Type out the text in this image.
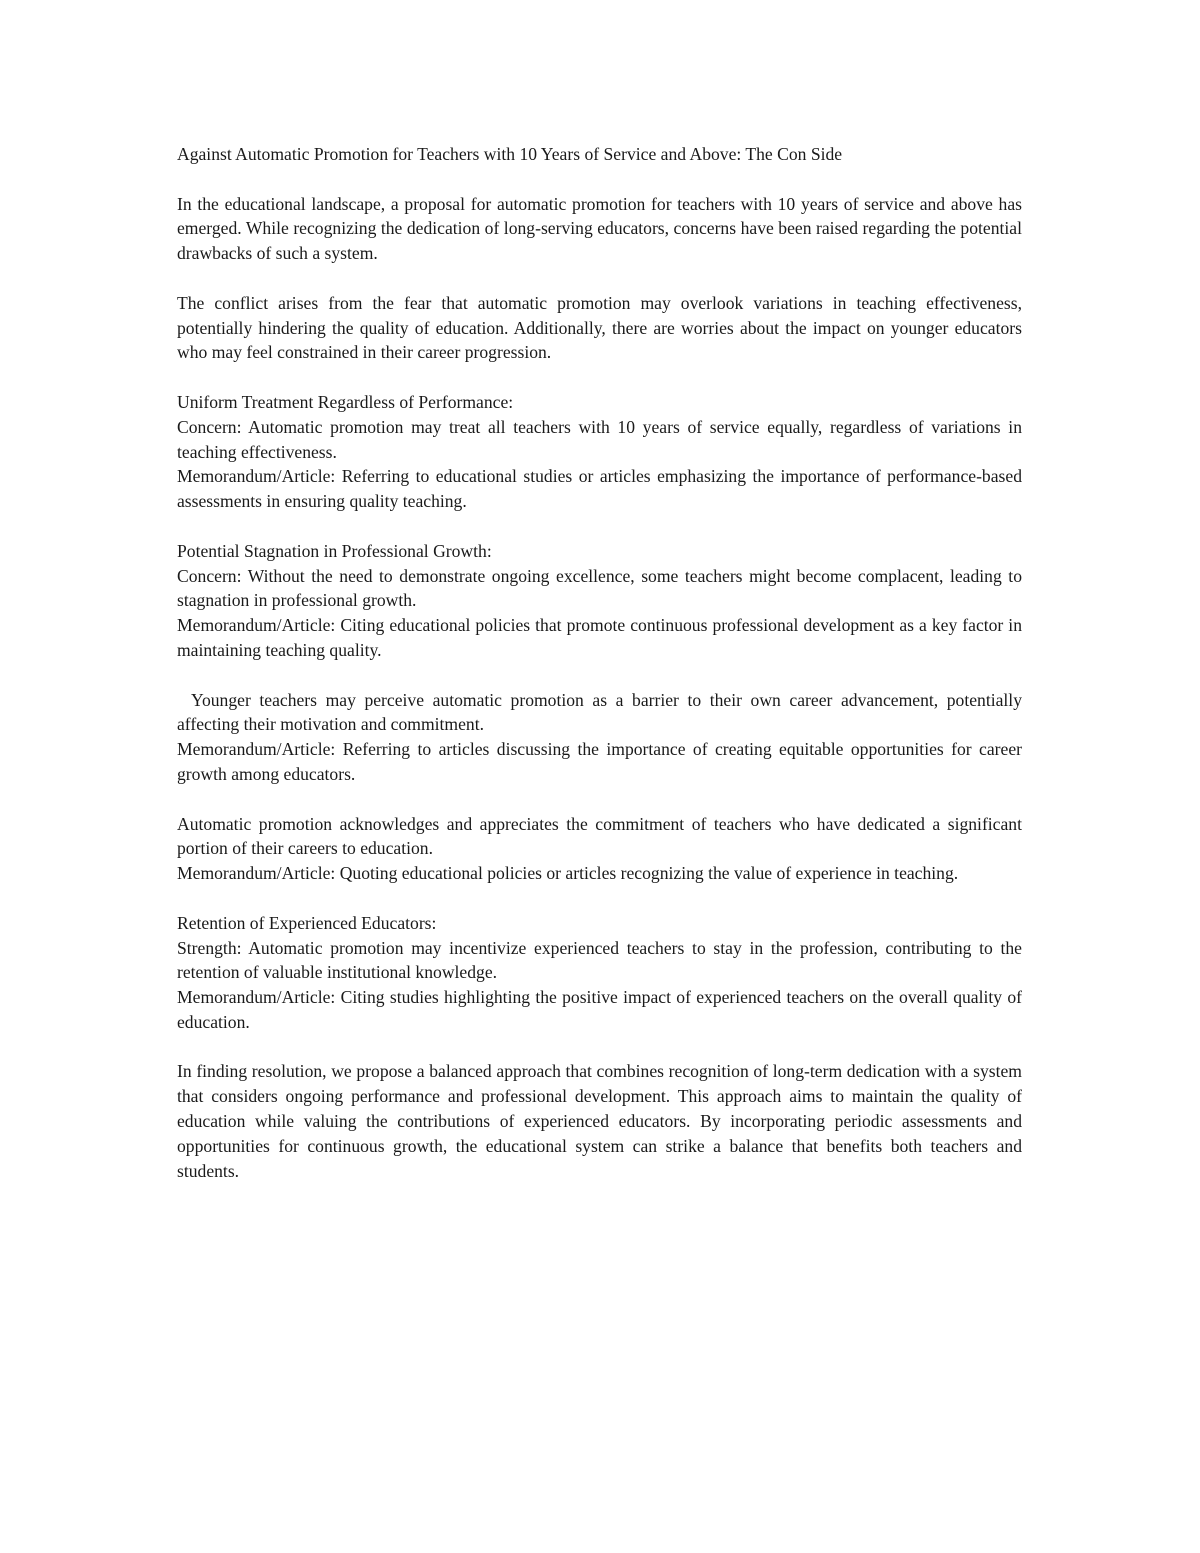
Against Automatic Promotion for Teachers with 10 Years of Service and Above: The Con Side

In the educational landscape, a proposal for automatic promotion for teachers with 10 years of service and above has emerged. While recognizing the dedication of long-serving educators, concerns have been raised regarding the potential drawbacks of such a system.

The conflict arises from the fear that automatic promotion may overlook variations in teaching effectiveness, potentially hindering the quality of education. Additionally, there are worries about the impact on younger educators who may feel constrained in their career progression.

Uniform Treatment Regardless of Performance:

Concern: Automatic promotion may treat all teachers with 10 years of service equally, regardless of variations in teaching effectiveness.

Memorandum/Article: Referring to educational studies or articles emphasizing the importance of performance-based assessments in ensuring quality teaching.

Potential Stagnation in Professional Growth:

Concern: Without the need to demonstrate ongoing excellence, some teachers might become complacent, leading to stagnation in professional growth.

Memorandum/Article: Citing educational policies that promote continuous professional development as a key factor in maintaining teaching quality.

Younger teachers may perceive automatic promotion as a barrier to their own career advancement, potentially affecting their motivation and commitment.

Memorandum/Article: Referring to articles discussing the importance of creating equitable opportunities for career growth among educators.

Automatic promotion acknowledges and appreciates the commitment of teachers who have dedicated a significant portion of their careers to education.

Memorandum/Article: Quoting educational policies or articles recognizing the value of experience in teaching.

Retention of Experienced Educators:

Strength: Automatic promotion may incentivize experienced teachers to stay in the profession, contributing to the retention of valuable institutional knowledge.

Memorandum/Article: Citing studies highlighting the positive impact of experienced teachers on the overall quality of education.

In finding resolution, we propose a balanced approach that combines recognition of long-term dedication with a system that considers ongoing performance and professional development. This approach aims to maintain the quality of education while valuing the contributions of experienced educators. By incorporating periodic assessments and opportunities for continuous growth, the educational system can strike a balance that benefits both teachers and students.
